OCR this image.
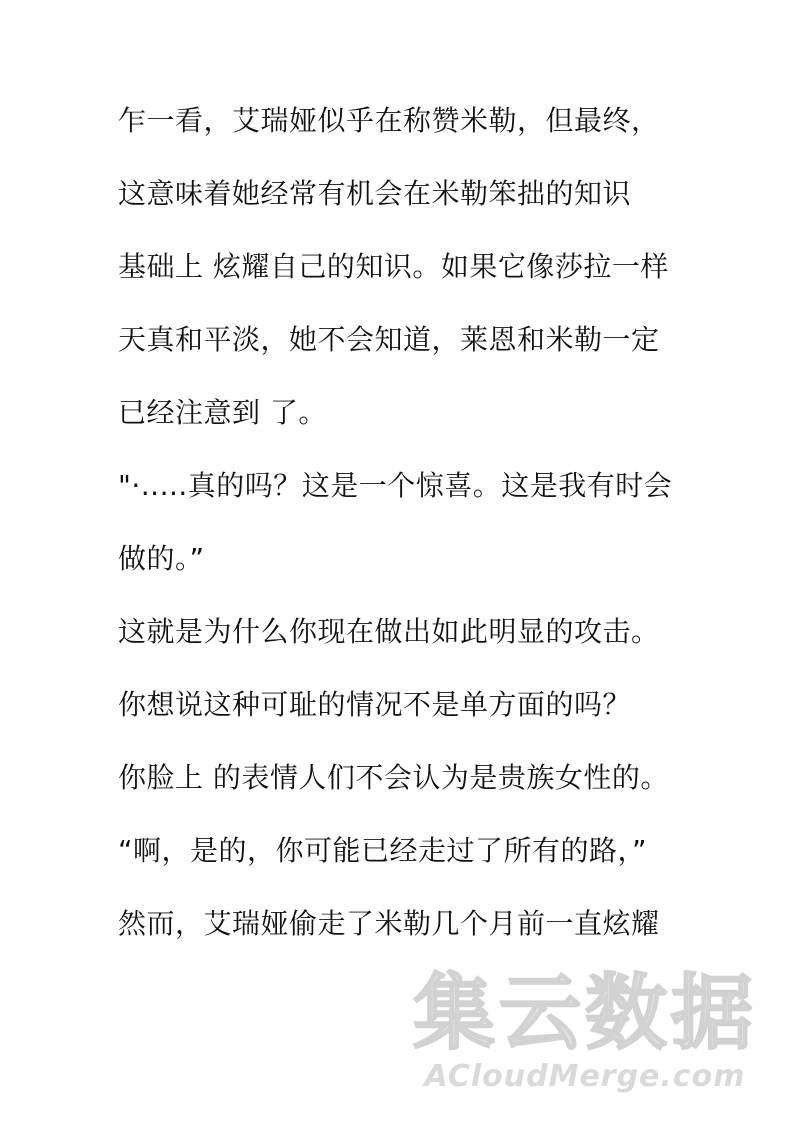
乍一看，艾瑞娅似乎在称赞米勒，但最终，
这意味着她经常有机会在米勒笨拙的知识
基础上 炫耀自己的知识。如果它像莎拉一样
天真和平淡，她不会知道，莱恩和米勒一定
已经注意到 了。
"·.....真的吗？这是一个惊喜。这是我有时会
做的。”
这就是为什么你现在做出如此明显的攻击。
你想说这种可耻的情况不是单方面的吗？
你脸上 的表情人们不会认为是贵族女性的。
“啊，是的，你可能已经走过了所有的路，”
然而，艾瑞娅偷走了米勒几个月前一直炫耀
集云数据
ACloudMerge.com
